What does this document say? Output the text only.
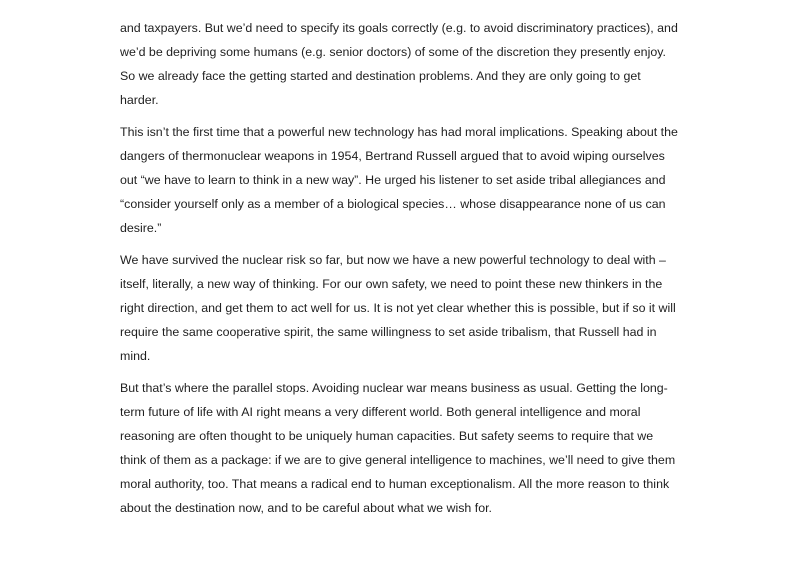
and taxpayers. But we’d need to specify its goals correctly (e.g. to avoid discriminatory practices), and we’d be depriving some humans (e.g. senior doctors) of some of the discretion they presently enjoy. So we already face the getting started and destination problems. And they are only going to get harder.

This isn’t the first time that a powerful new technology has had moral implications. Speaking about the dangers of thermonuclear weapons in 1954, Bertrand Russell argued that to avoid wiping ourselves out “we have to learn to think in a new way”. He urged his listener to set aside tribal allegiances and “consider yourself only as a member of a biological species… whose disappearance none of us can desire.”

We have survived the nuclear risk so far, but now we have a new powerful technology to deal with – itself, literally, a new way of thinking. For our own safety, we need to point these new thinkers in the right direction, and get them to act well for us. It is not yet clear whether this is possible, but if so it will require the same cooperative spirit, the same willingness to set aside tribalism, that Russell had in mind.

But that’s where the parallel stops. Avoiding nuclear war means business as usual. Getting the long-term future of life with AI right means a very different world. Both general intelligence and moral reasoning are often thought to be uniquely human capacities. But safety seems to require that we think of them as a package: if we are to give general intelligence to machines, we’ll need to give them moral authority, too. That means a radical end to human exceptionalism. All the more reason to think about the destination now, and to be careful about what we wish for.
